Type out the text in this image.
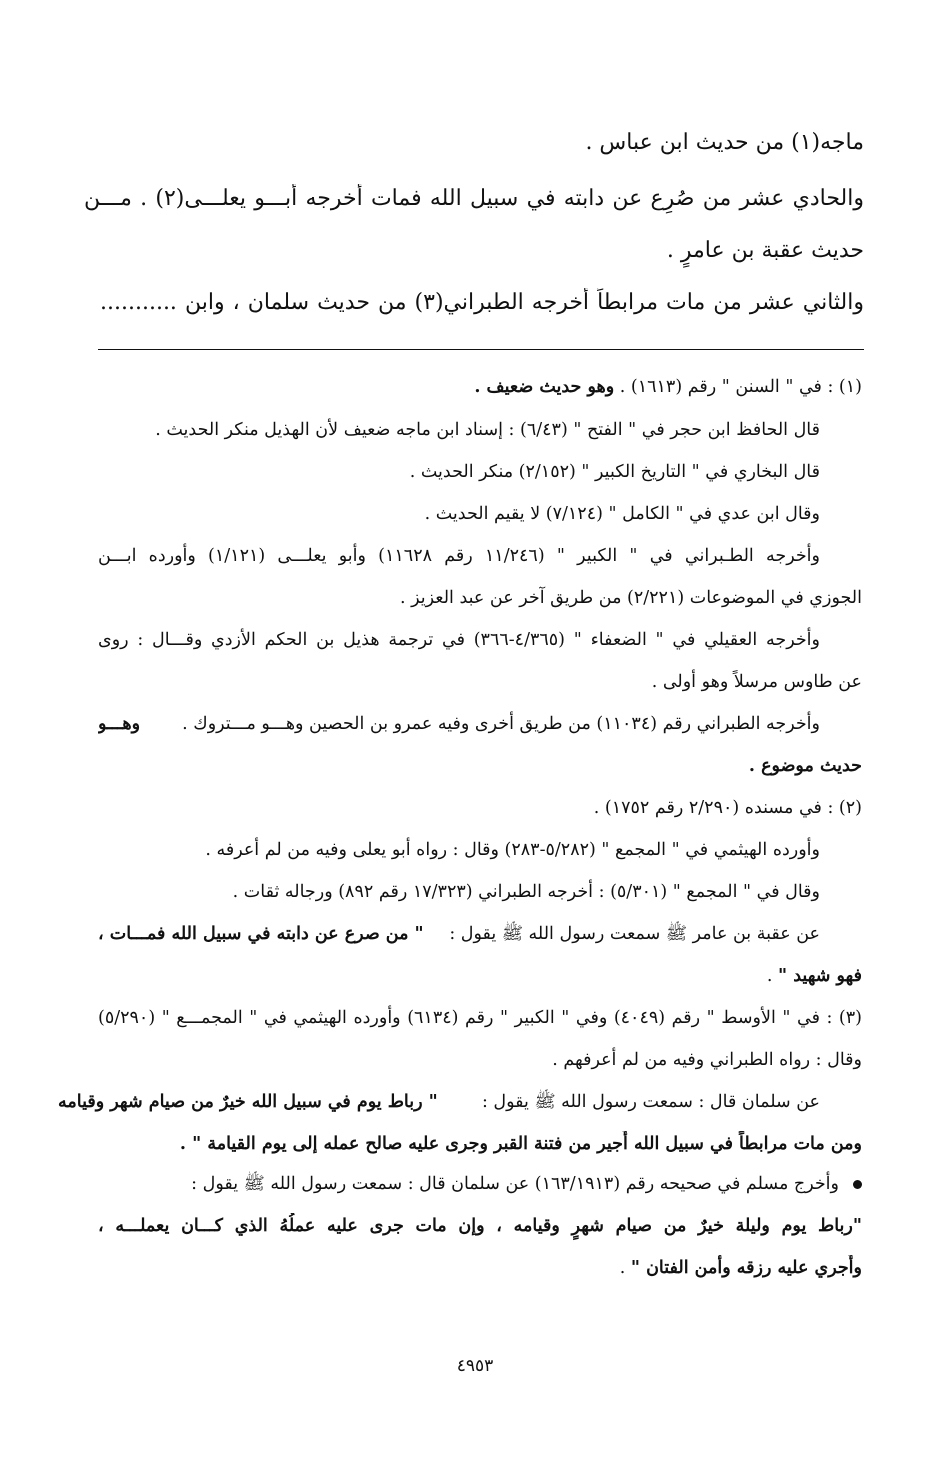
ماجه(١) من حديث ابن عباس .
والحادي عشر من صُرِع عن دابته في سبيل الله فمات أخرجه أبـــو يعلـــى(٢) . مـــن
حديث عقبة بن عامرٍ .
والثاني عشر من مات مرابطاً أخرجه الطبراني(٣) من حديث سلمان ، وابن ...........
(١) : في " السنن " رقم (١٦١٣) . وهو حديث ضعيف .
قال الحافظ ابن حجر في " الفتح " (٦/٤٣) : إسناد ابن ماجه ضعيف لأن الهذيل منكر الحديث .
قال البخاري في " التاريخ الكبير " (٢/١٥٢) منكر الحديث .
وقال ابن عدي في " الكامل " (٧/١٢٤) لا يقيم الحديث .
وأخرجه الطـبراني في " الكبير " (١١/٢٤٦ رقم ١١٦٢٨) وأبو يعلـــى (١/١٢١) وأورده ابـــن
الجوزي في الموضوعات (٢/٢٢١) من طريق آخر عن عبد العزيز .
وأخرجه العقيلي في " الضعفاء " (٤/٣٦٥-٣٦٦) في ترجمة هذيل بن الحكم الأزدي وقـــال : روى
عن طاوس مرسلاً وهو أولى .
وأخرجه الطبراني رقم (١١٠٣٤) من طريق أخرى وفيه عمرو بن الحصين وهـــو مـــتروك .
وهـــو
حديث موضوع .
(٢) : في مسنده (٢/٢٩٠ رقم ١٧٥٢) .
وأورده الهيثمي في " المجمع " (٥/٢٨٢-٢٨٣) وقال : رواه أبو يعلى وفيه من لم أعرفه .
وقال في " المجمع " (٥/٣٠١) : أخرجه الطبراني (١٧/٣٢٣ رقم ٨٩٢) ورجاله ثقات .
عن عقبة بن عامر ﷺ سمعت رسول الله ﷺ يقول :
" من صرع عن دابته في سبيل الله فمـــات ،
فهو شهيد " .
(٣) : في " الأوسط " رقم (٤٠٤٩) وفي " الكبير " رقم (٦١٣٤) وأورده الهيثمي في " المجمـــع " (٥/٢٩٠)
وقال : رواه الطبراني وفيه من لم أعرفهم .
عن سلمان قال : سمعت رسول الله ﷺ يقول :
" رباط يوم في سبيل الله خيرٌ من صيام شهر وقيامه
ومن مات مرابطاً في سبيل الله أُجير من فتنة القبر وجرى عليه صالح عمله إلى يوم القيامة " .
وأخرج مسلم في صحيحه رقم (١٦٣/١٩١٣) عن سلمان قال : سمعت رسول الله ﷺ يقول :
"رباط يوم وليلة خيرٌ من صيام شهرٍ وقيامه ، وإن مات جرى عليه عملُهُ الذي كـــان يعملـــه ،
وأُجري عليه رزقه وأمن الفتان " .
٤٩٥٣
